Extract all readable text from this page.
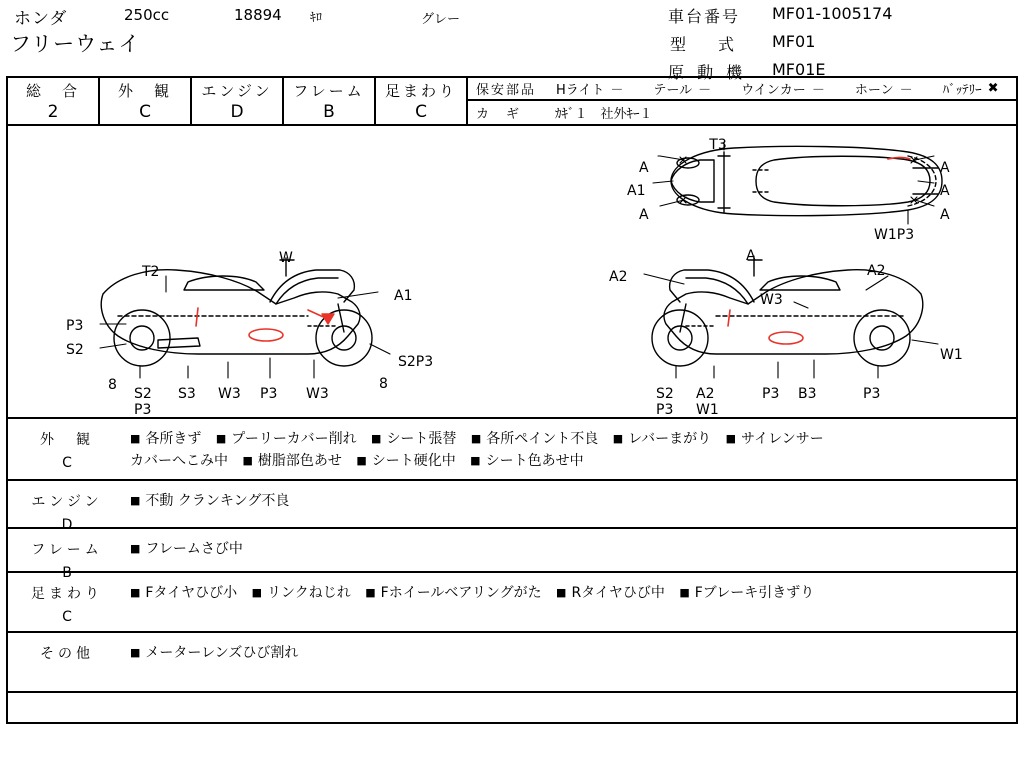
ホンダ	250cc	18894 ｷﾛ	グレー
フリーウェイ
車台番号 MF01-1005174
型　式 MF01
原 動 機 MF01E
総　合
2
外　観
C
エンジン
D
フレーム
B
足まわり
C
保安部品 Hライト － テール － ウインカー － ホーン － ﾊﾞｯﾃﾘｰ ✖
カ　ギ	ｶｷﾞ１　社外ｷｰ１
T3
A	A
A1	A
A	A
W1P3
W
T2
A1
P3
S2
S2P3
8	8
S2 S3 W3 P3 W3
P3
A
A2	A2
W3
W1
S2 A2	P3 B3	P3
P3 W1
外　観
C
■ 各所きず ■ プーリーカバー削れ ■ シート張替 ■ 各所ペイント不良 ■ レバーまがり ■ サイレンサー
カバーへこみ中 ■ 樹脂部色あせ ■ シート硬化中 ■ シート色あせ中
エンジン
D
■ 不動 クランキング不良
フレーム
B
■ フレームさび中
足まわり
C
■ Fタイヤひび小 ■ リンクねじれ ■ Fホイールベアリングがた ■ Rタイヤひび中 ■ Fブレーキ引きずり
その他	■ メーターレンズひび割れ
